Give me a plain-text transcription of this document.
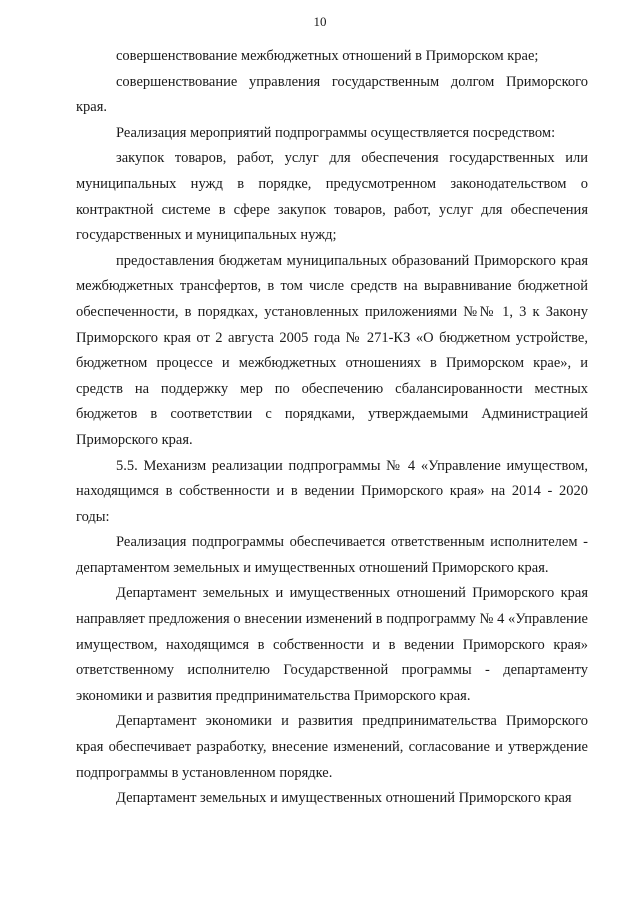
10

совершенствование межбюджетных отношений в Приморском крае;

совершенствование управления государственным долгом Приморского края.

Реализация мероприятий подпрограммы осуществляется посредством:

закупок товаров, работ, услуг для обеспечения государственных или муниципальных нужд в порядке, предусмотренном законодательством о контрактной системе в сфере закупок товаров, работ, услуг для обеспечения государственных и муниципальных нужд;

предоставления бюджетам муниципальных образований Приморского края межбюджетных трансфертов, в том числе средств на выравнивание бюджетной обеспеченности, в порядках, установленных приложениями №№ 1, 3 к Закону Приморского края от 2 августа 2005 года № 271-КЗ «О бюджетном устройстве, бюджетном процессе и межбюджетных отношениях в Приморском крае», и средств на поддержку мер по обеспечению сбалансированности местных бюджетов в соответствии с порядками, утверждаемыми Администрацией Приморского края.

5.5. Механизм реализации подпрограммы № 4 «Управление имуществом, находящимся в собственности и в ведении Приморского края» на 2014 - 2020 годы:

Реализация подпрограммы обеспечивается ответственным исполнителем - департаментом земельных и имущественных отношений Приморского края.

Департамент земельных и имущественных отношений Приморского края направляет предложения о внесении изменений в подпрограмму № 4 «Управление имуществом, находящимся в собственности и в ведении Приморского края» ответственному исполнителю Государственной программы - департаменту экономики и развития предпринимательства Приморского края.

Департамент экономики и развития предпринимательства Приморского края обеспечивает разработку, внесение изменений, согласование и утверждение подпрограммы в установленном порядке.

Департамент земельных и имущественных отношений Приморского края
